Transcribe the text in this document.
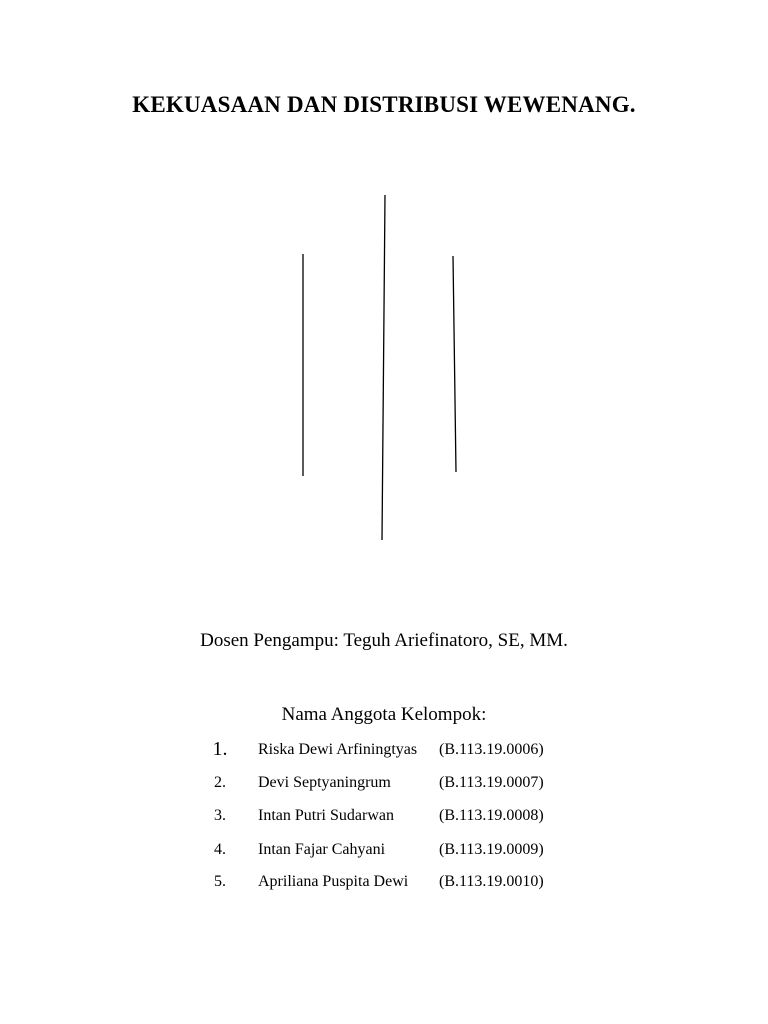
KEKUASAAN DAN DISTRIBUSI WEWENANG.
Dosen Pengampu: Teguh Ariefinatoro, SE, MM.
Nama Anggota Kelompok:
1.	Riska Dewi Arfiningtyas (B.113.19.0006)
2.	Devi Septyaningrum	(B.113.19.0007)
3.	Intan Putri Sudarwan	(B.113.19.0008)
4.	Intan Fajar Cahyani	(B.113.19.0009)
5.	Apriliana Puspita Dewi (B.113.19.0010)
